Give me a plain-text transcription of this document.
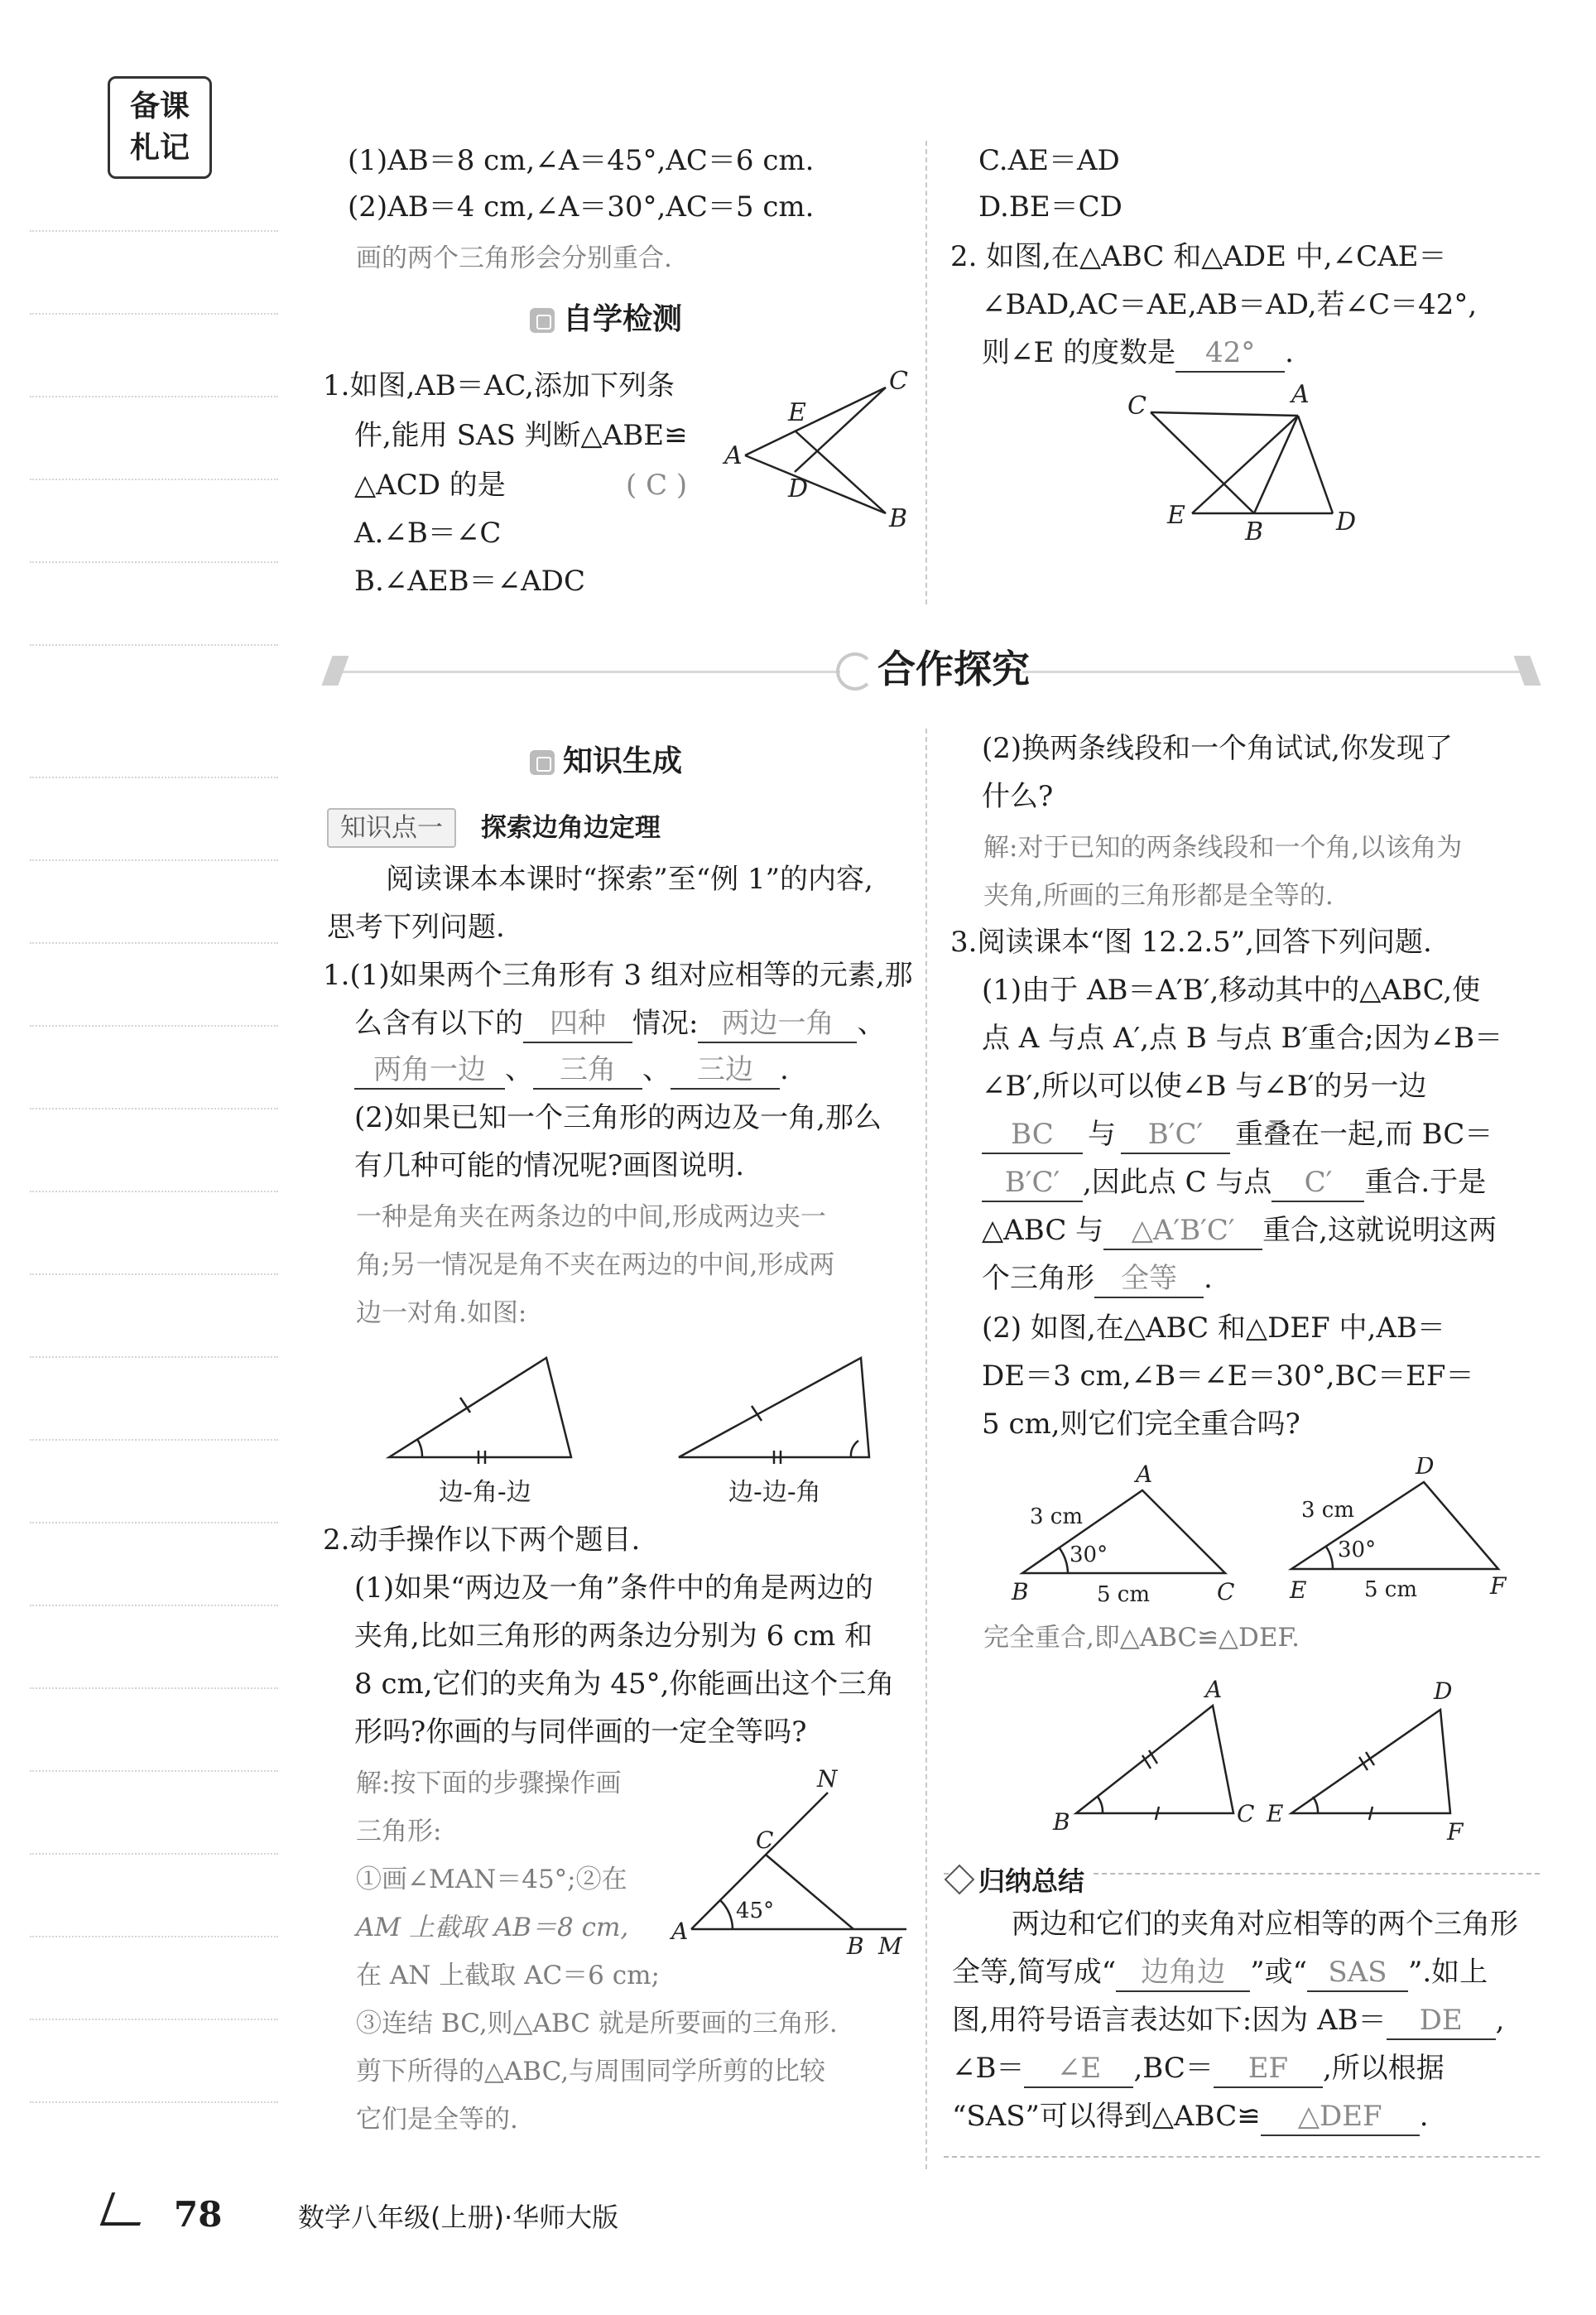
备课
札记	(1)AB＝8 cm,∠A＝45°,AC＝6 cm.
(2)AB＝4 cm,∠A＝30°,AC＝5 cm.
画的两个三角形会分别重合.
自学检测
1.如图,AB＝AC,添加下列条
件,能用 SAS 判断△ABE≌
△ACD 的是	( C )
A.∠B＝∠C
B.∠AEB＝∠ADC
A
C
B
E
D
C.AE＝AD
D.BE＝CD
2. 如图,在△ABC 和△ADE 中,∠CAE＝
∠BAD,AC＝AE,AB＝AD,若∠C＝42°,
则∠E 的度数是 42° .
C	A
E
B	D
合作探究
知识生成
知识点一 探索边角边定理
阅读课本本课时“探索”至“例 1”的内容,
思考下列问题.
1.(1)如果两个三角形有 3 组对应相等的元素,那
么含有以下的 四种 情况: 两边一角 、
两角一边 、 三角 、 三边 .
(2)如果已知一个三角形的两边及一角,那么
有几种可能的情况呢?画图说明.
一种是角夹在两条边的中间,形成两边夹一
角;另一情况是角不夹在两边的中间,形成两
边一对角.如图:
边-角-边	边-边-角
2.动手操作以下两个题目.
(1)如果“两边及一角”条件中的角是两边的
夹角,比如三角形的两条边分别为 6 cm 和
8 cm,它们的夹角为 45°,你能画出这个三角
形吗?你画的与同伴画的一定全等吗?
解:按下面的步骤操作画
三角形:
①画∠MAN＝45°;②在
AM 上截取 AB＝8 cm,
在 AN 上截取 AC＝6 cm;
③连结 BC,则△ABC 就是所要画的三角形.
剪下所得的△ABC,与周围同学所剪的比较
它们是全等的.
N
C
A
B M
45°
(2)换两条线段和一个角试试,你发现了
什么?
解:对于已知的两条线段和一个角,以该角为
夹角,所画的三角形都是全等的.
3.阅读课本“图 12.2.5”,回答下列问题.
(1)由于 AB＝A′B′,移动其中的△ABC,使
点 A 与点 A′,点 B 与点 B′重合;因为∠B＝
∠B′,所以可以使∠B 与∠B′的另一边
BC 与 B′C′ 重叠在一起,而 BC＝
B′C′ ,因此点 C 与点 C′ 重合.于是
△ABC 与 △A′B′C′ 重合,这就说明这两
个三角形 全等 .
(2) 如图,在△ABC 和△DEF 中,AB＝
DE＝3 cm,∠B＝∠E＝30°,BC＝EF＝
5 cm,则它们完全重合吗?
A
B	C
D
E	F
3 cm
5 cm
30°
3 cm
5 cm
30°
完全重合,即△ABC≌△DEF.
A
B	C
D
E
F
归纳总结
两边和它们的夹角对应相等的两个三角形
全等,简写成“ 边角边 ”或“ SAS ”.如上
图,用符号语言表达如下:因为 AB＝ DE ,
∠B＝ ∠E ,BC＝ EF ,所以根据
“SAS”可以得到△ABC≌ △DEF .
78	数学八年级(上册)·华师大版
